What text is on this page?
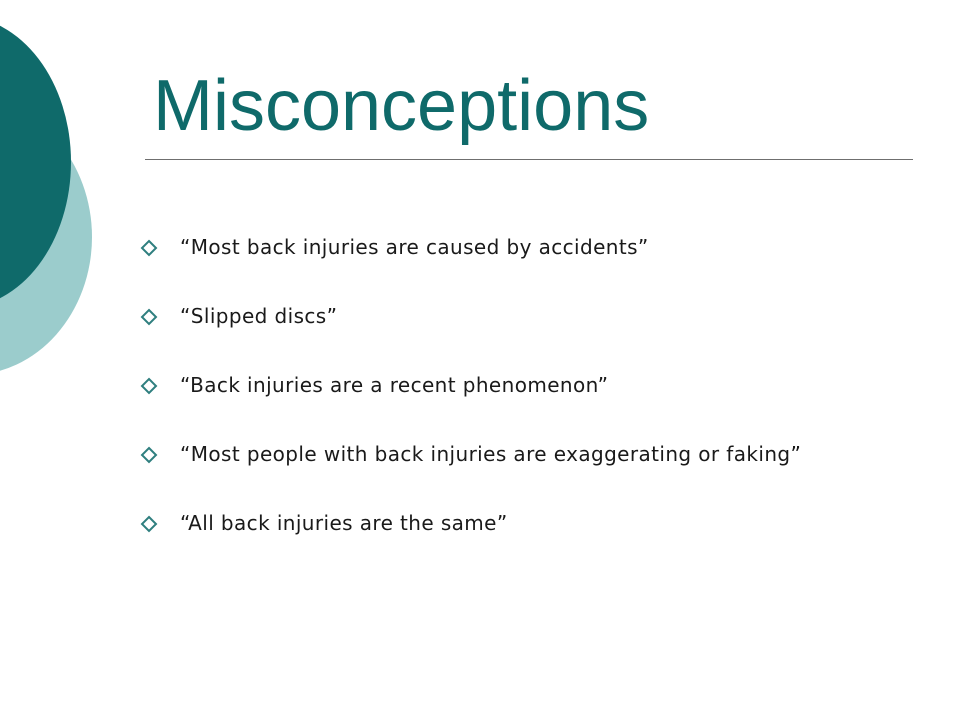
Misconceptions
“Most back injuries are caused by accidents”
“Slipped discs”
“Back injuries are a recent phenomenon”
“Most people with back injuries are exaggerating or faking”
“All back injuries are the same”
